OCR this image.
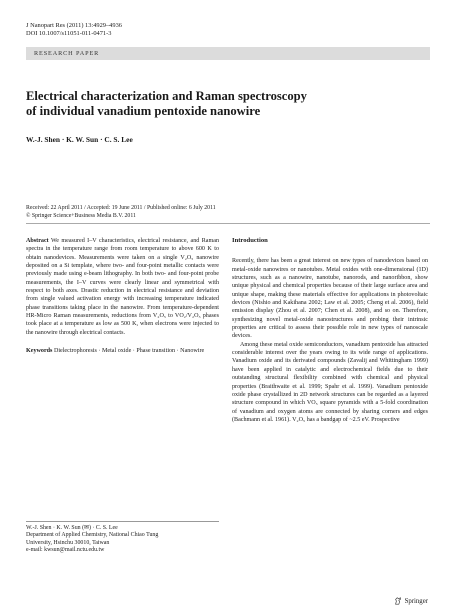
J Nanopart Res (2011) 13:4929–4936
DOI 10.1007/s11051-011-0471-3
RESEARCH PAPER
Electrical characterization and Raman spectroscopy
of individual vanadium pentoxide nanowire
W.-J. Shen · K. W. Sun · C. S. Lee
Received: 22 April 2011 / Accepted: 19 June 2011 / Published online: 6 July 2011
© Springer Science+Business Media B.V. 2011

Abstract We measured I–V characteristics, electrical resistance, and Raman spectra in the temperature range from room temperature to above 600 K to obtain nanodevices. Measurements were taken on a single V₂O₅ nanowire deposited on a Si template, where two- and four-point metallic contacts were previously made using e-beam lithography. In both two- and four-point probe measurements, the I–V curves were clearly linear and symmetrical with respect to both axes. Drastic reduction in electrical resistance and deviation from single valued activation energy with increasing temperature indicated phase transitions taking place in the nanowire. From temperature-dependent HR-Micro Raman measurements, reductions from V₂O₅ to VO₂/V₂O₃ phases took place at a temperature as low as 500 K, when electrons were injected to the nanowire through electrical contacts.

Keywords Dielectrophoresis · Metal oxide · Phase transition · Nanowire

W.-J. Shen · K. W. Sun (✉) · C. S. Lee
Department of Applied Chemistry, National Chiao Tung
University, Hsinchu 30010, Taiwan
e-mail: kwsun@mail.nctu.edu.tw
Introduction

Recently, there has been a great interest on new types of nanodevices based on metal-oxide nanowires or nanotubes. Metal oxides with one-dimensional (1D) structures, such as a nanowire, nanotube, nanorods, and nanoribbon, show unique physical and chemical properties because of their large surface area and unique shape, making these materials effective for applications in photovoltaic devices (Nishio and Kakihana 2002; Law et al. 2005; Cheng et al. 2006), field emission display (Zhou et al. 2007; Chen et al. 2008), and so on. Therefore, synthesizing novel metal-oxide nanostructures and probing their intrinsic properties are critical to assess their possible role in new types of nanoscale devices.

Among these metal oxide semiconductors, vanadium pentoxide has attracted considerable interest over the years owing to its wide range of applications. Vanadium oxide and its derivated compounds (Zavalij and Whittingham 1999) have been applied in catalytic and electrochemical fields due to their outstanding structural flexibility combined with chemical and physical properties (Braithwaite et al. 1999; Spahr et al. 1999). Vanadium pentoxide oxide phase crystallized in 2D network structures can be regarded as a layered structure compound in which VO₅ square pyramids with a 5-fold coordination of vanadium and oxygen atoms are connected by sharing corners and edges (Bachmann et al. 1961). V₂O₅ has a bandgap of ~2.5 eV. Prospective

Springer
